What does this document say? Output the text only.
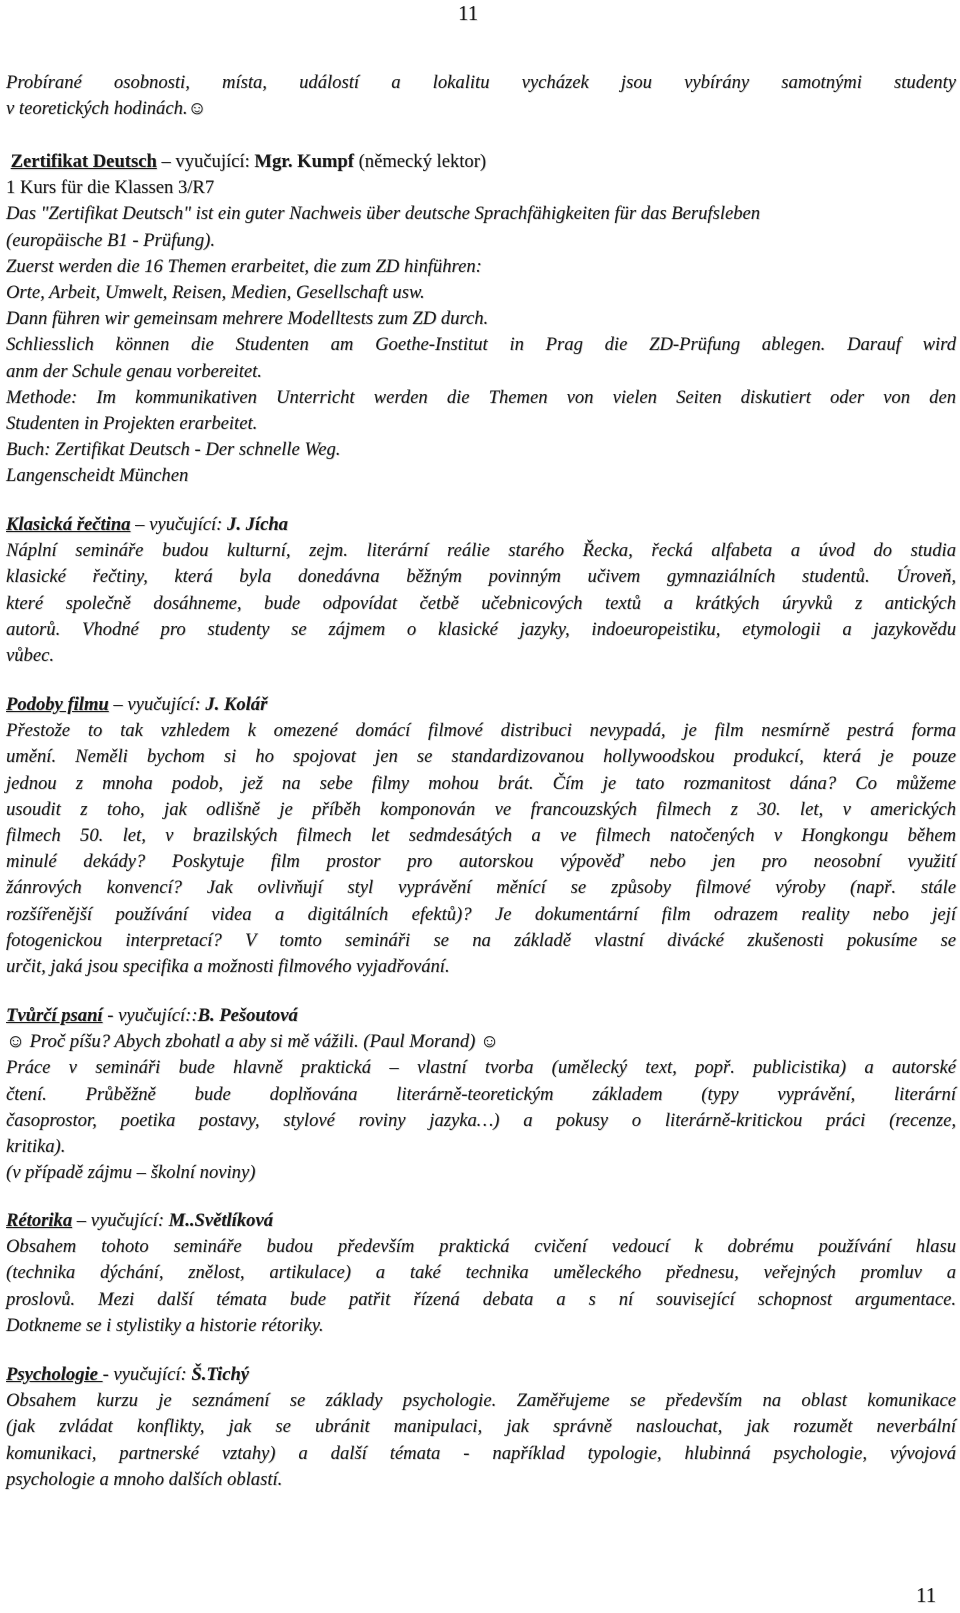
11
Probírané osobnosti, místa, událostí a lokalitu vycházek jsou vybírány samotnými studenty
v teoretických hodinách.☺
Zertifikat Deutsch – vyučující: Mgr. Kumpf (německý lektor)
1 Kurs für die Klassen 3/R7
Das "Zertifikat Deutsch" ist ein guter Nachweis über deutsche Sprachfähigkeiten für das Berufsleben
(europäische B1 - Prüfung).
Zuerst werden die 16 Themen erarbeitet, die zum ZD hinführen:
Orte, Arbeit, Umwelt, Reisen, Medien, Gesellschaft usw.
Dann führen wir gemeinsam mehrere Modelltests zum ZD durch.
Schliesslich können die Studenten am Goethe-Institut in Prag die ZD-Prüfung ablegen. Darauf wird
anm der Schule genau vorbereitet.
Methode: Im kommunikativen Unterricht werden die Themen von vielen Seiten diskutiert oder von den
Studenten in Projekten erarbeitet.
Buch: Zertifikat Deutsch - Der schnelle Weg.
Langenscheidt München
Klasická řečtina – vyučující: J. Jícha
Náplní semináře budou kulturní, zejm. literární reálie starého Řecka, řecká alfabeta a úvod do studia
klasické řečtiny, která byla donedávna běžným povinným učivem gymnaziálních studentů. Úroveň,
které společně dosáhneme, bude odpovídat četbě učebnicových textů a krátkých úryvků z antických
autorů. Vhodné pro studenty se zájmem o klasické jazyky, indoeuropeistiku, etymologii a jazykovědu
vůbec.
Podoby filmu – vyučující: J. Kolář
Přestože to tak vzhledem k omezené domácí filmové distribuci nevypadá, je film nesmírně pestrá forma
umění. Neměli bychom si ho spojovat jen se standardizovanou hollywoodskou produkcí, která je pouze
jednou z mnoha podob, jež na sebe filmy mohou brát. Čím je tato rozmanitost dána? Co můžeme
usoudit z toho, jak odlišně je příběh komponován ve francouzských filmech z 30. let, v amerických
filmech 50. let, v brazilských filmech let sedmdesátých a ve filmech natočených v Hongkongu během
minulé dekády? Poskytuje film prostor pro autorskou výpověď nebo jen pro neosobní využití
žánrových konvencí? Jak ovlivňují styl vyprávění měnící se způsoby filmové výroby (např. stále
rozšířenější používání videa a digitálních efektů)? Je dokumentární film odrazem reality nebo její
fotogenickou interpretací? V tomto semináři se na základě vlastní divácké zkušenosti pokusíme se
určit, jaká jsou specifika a možnosti filmového vyjadřování.
Tvůrčí psaní - vyučující::B. Pešoutová
☺ Proč píšu? Abych zbohatl a aby si mě vážili. (Paul Morand) ☺
Práce v semináři bude hlavně praktická – vlastní tvorba (umělecký text, popř. publicistika) a autorské
čtení. Průběžně bude doplňována literárně-teoretickým základem (typy vyprávění, literární
časoprostor, poetika postavy, stylové roviny jazyka…) a pokusy o literárně-kritickou práci (recenze,
kritika).
(v případě zájmu – školní noviny)
Rétorika – vyučující: M..Světlíková
Obsahem tohoto semináře budou především praktická cvičení vedoucí k dobrému používání hlasu
(technika dýchání, znělost, artikulace) a také technika uměleckého přednesu, veřejných promluv a
proslovů. Mezi další témata bude patřit řízená debata a s ní související schopnost argumentace.
Dotkneme se i stylistiky a historie rétoriky.
Psychologie - vyučující: Š.Tichý
Obsahem kurzu je seznámení se základy psychologie. Zaměřujeme se především na oblast komunikace
(jak zvládat konflikty, jak se ubránit manipulaci, jak správně naslouchat, jak rozumět neverbální
komunikaci, partnerské vztahy) a další témata - například typologie, hlubinná psychologie, vývojová
psychologie a mnoho dalších oblastí.
11
